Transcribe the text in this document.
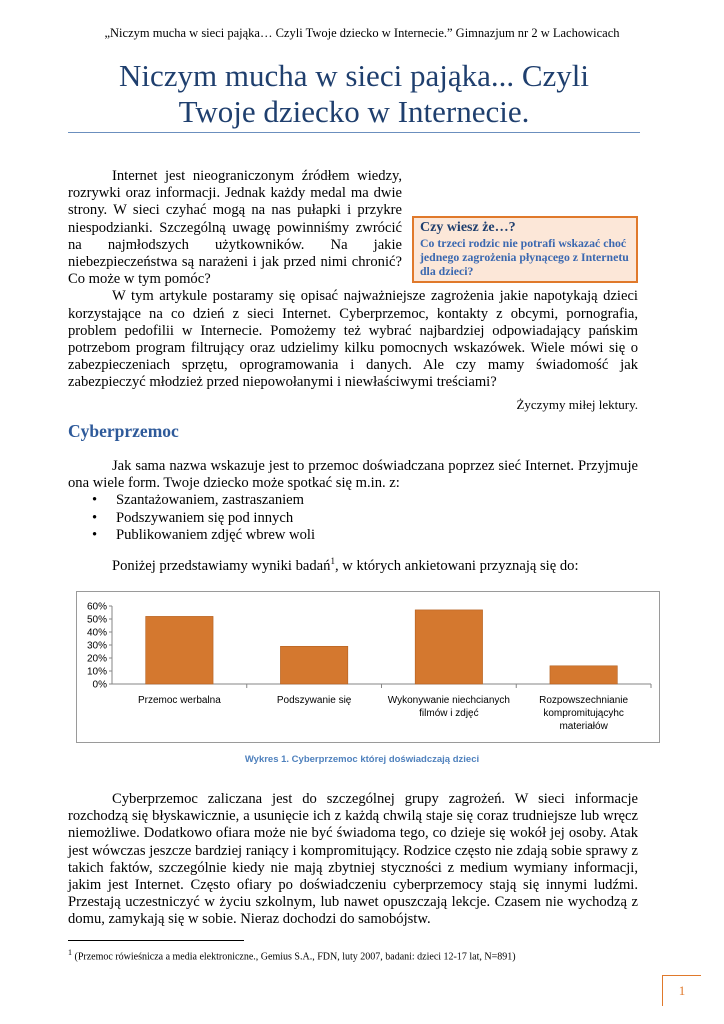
„Niczym mucha w sieci pająka… Czyli Twoje dziecko w Internecie.” Gimnazjum nr 2 w Lachowicach
Niczym mucha w sieci pająka... Czyli
Twoje dziecko w Internecie.

Czy wiesz że…?
Co trzeci rodzic nie potrafi wskazać choć jednego zagrożenia płynącego z Internetu dla dzieci?
Internet jest nieograniczonym źródłem wiedzy, rozrywki oraz informacji. Jednak każdy medal ma dwie strony. W sieci czyhać mogą na nas pułapki i przykre niespodzianki. Szczególną uwagę powinniśmy zwrócić na najmłodszych użytkowników. Na jakie niebezpieczeństwa są narażeni i jak przed nimi chronić? Co może w tym pomóc?

W tym artykule postaramy się opisać najważniejsze zagrożenia jakie napotykają dzieci korzystające na co dzień z sieci Internet. Cyberprzemoc, kontakty z obcymi, pornografia, problem pedofilii w Internecie. Pomożemy też wybrać najbardziej odpowiadający pańskim potrzebom program filtrujący oraz udzielimy kilku pomocnych wskazówek. Wiele mówi się o zabezpieczeniach sprzętu, oprogramowania i danych. Ale czy mamy świadomość jak zabezpieczyć młodzież przed niepowołanymi i niewłaściwymi treściami?

Życzymy miłej lektury.
Cyberprzemoc

Jak sama nazwa wskazuje jest to przemoc doświadczana poprzez sieć Internet. Przyjmuje ona wiele form. Twoje dziecko może spotkać się m.in. z:

• Szantażowaniem, zastraszaniem
• Podszywaniem się pod innych
• Publikowaniem zdjęć wbrew woli

Poniżej przedstawiamy wyniki badań$^1$, w których ankietowani przyznają się do:

0%
10%
20%
30%
40%
50%
60%
Przemoc werbalna	Podszywanie się	Wykonywanie niechcianych filmów i zdjęć
Rozpowszechnianie kompromitującyhc materiałów
Wykres 1. Cyberprzemoc której doświadczają dzieci

Cyberprzemoc zaliczana jest do szczególnej grupy zagrożeń. W sieci informacje rozchodzą się błyskawicznie, a usunięcie ich z każdą chwilą staje się coraz trudniejsze lub wręcz niemożliwe. Dodatkowo ofiara może nie być świadoma tego, co dzieje się wokół jej osoby. Atak jest wówczas jeszcze bardziej raniący i kompromitujący. Rodzice często nie zdają sobie sprawy z takich faktów, szczególnie kiedy nie mają zbytniej styczności z medium wymiany informacji, jakim jest Internet. Często ofiary po doświadczeniu cyberprzemocy stają się innymi ludźmi. Przestają uczestniczyć w życiu szkolnym, lub nawet opuszczają lekcje. Czasem nie wychodzą z domu, zamykają się w sobie. Nieraz dochodzi do samobójstw.

$^1$ (Przemoc rówieśnicza a media elektroniczne., Gemius S.A., FDN, luty 2007, badani: dzieci 12-17 lat, N=891)
1
